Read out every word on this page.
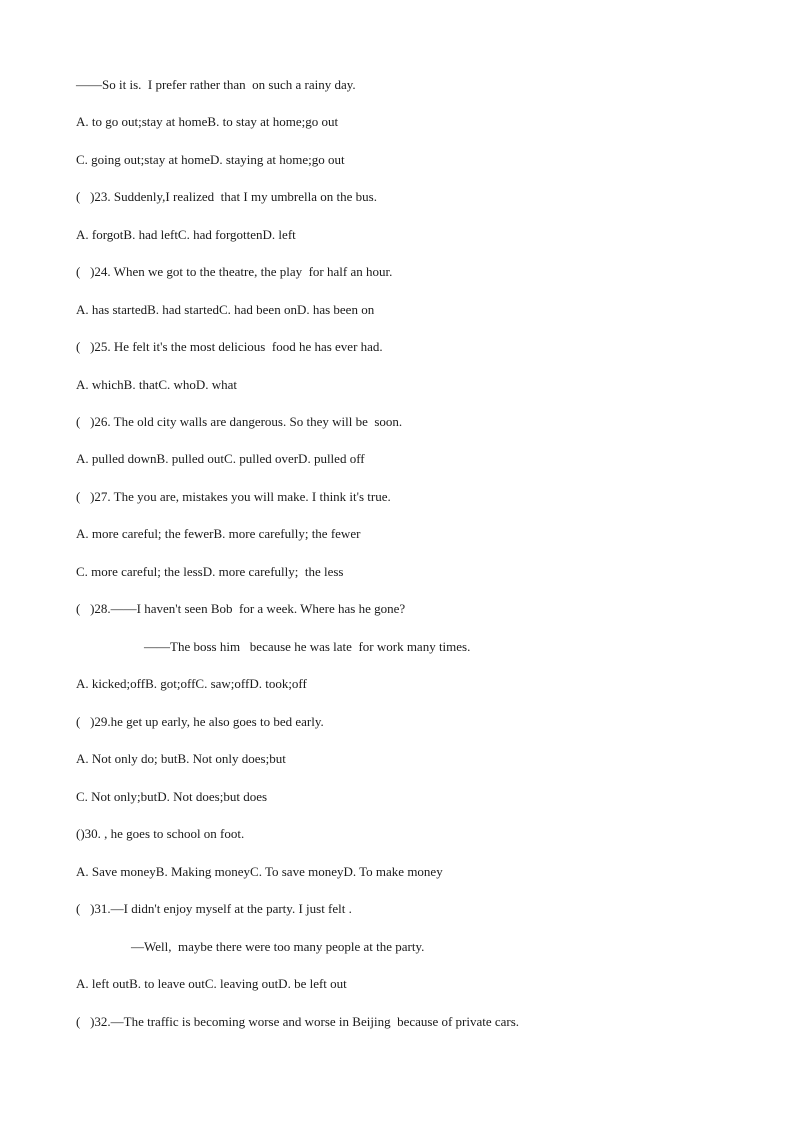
——So it is.  I prefer rather than  on such a rainy day.
A. to go out;stay at homeB. to stay at home;go out
C. going out;stay at homeD. staying at home;go out
(   )23. Suddenly,I realized  that I my umbrella on the bus.
A. forgotB. had leftC. had forgottenD. left
(   )24. When we got to the theatre, the play  for half an hour.
A. has startedB. had startedC. had been onD. has been on
(   )25. He felt it's the most delicious  food he has ever had.
A. whichB. thatC. whoD. what
(   )26. The old city walls are dangerous. So they will be  soon.
A. pulled downB. pulled outC. pulled overD. pulled off
(   )27. The you are, mistakes you will make. I think it's true.
A. more careful; the fewerB. more carefully; the fewer
C. more careful; the lessD. more carefully;  the less
(   )28.——I haven't seen Bob  for a week. Where has he gone?
——The boss him   because he was late  for work many times.
A. kicked;offB. got;offC. saw;offD. took;off
(   )29.he get up early, he also goes to bed early.
A. Not only do; butB. Not only does;but
C. Not only;butD. Not does;but does
()30. , he goes to school on foot.
A. Save moneyB. Making moneyC. To save moneyD. To make money
(   )31.—I didn't enjoy myself at the party. I just felt .
—Well,  maybe there were too many people at the party.
A. left outB. to leave outC. leaving outD. be left out
(   )32.—The traffic is becoming worse and worse in Beijing  because of private cars.
